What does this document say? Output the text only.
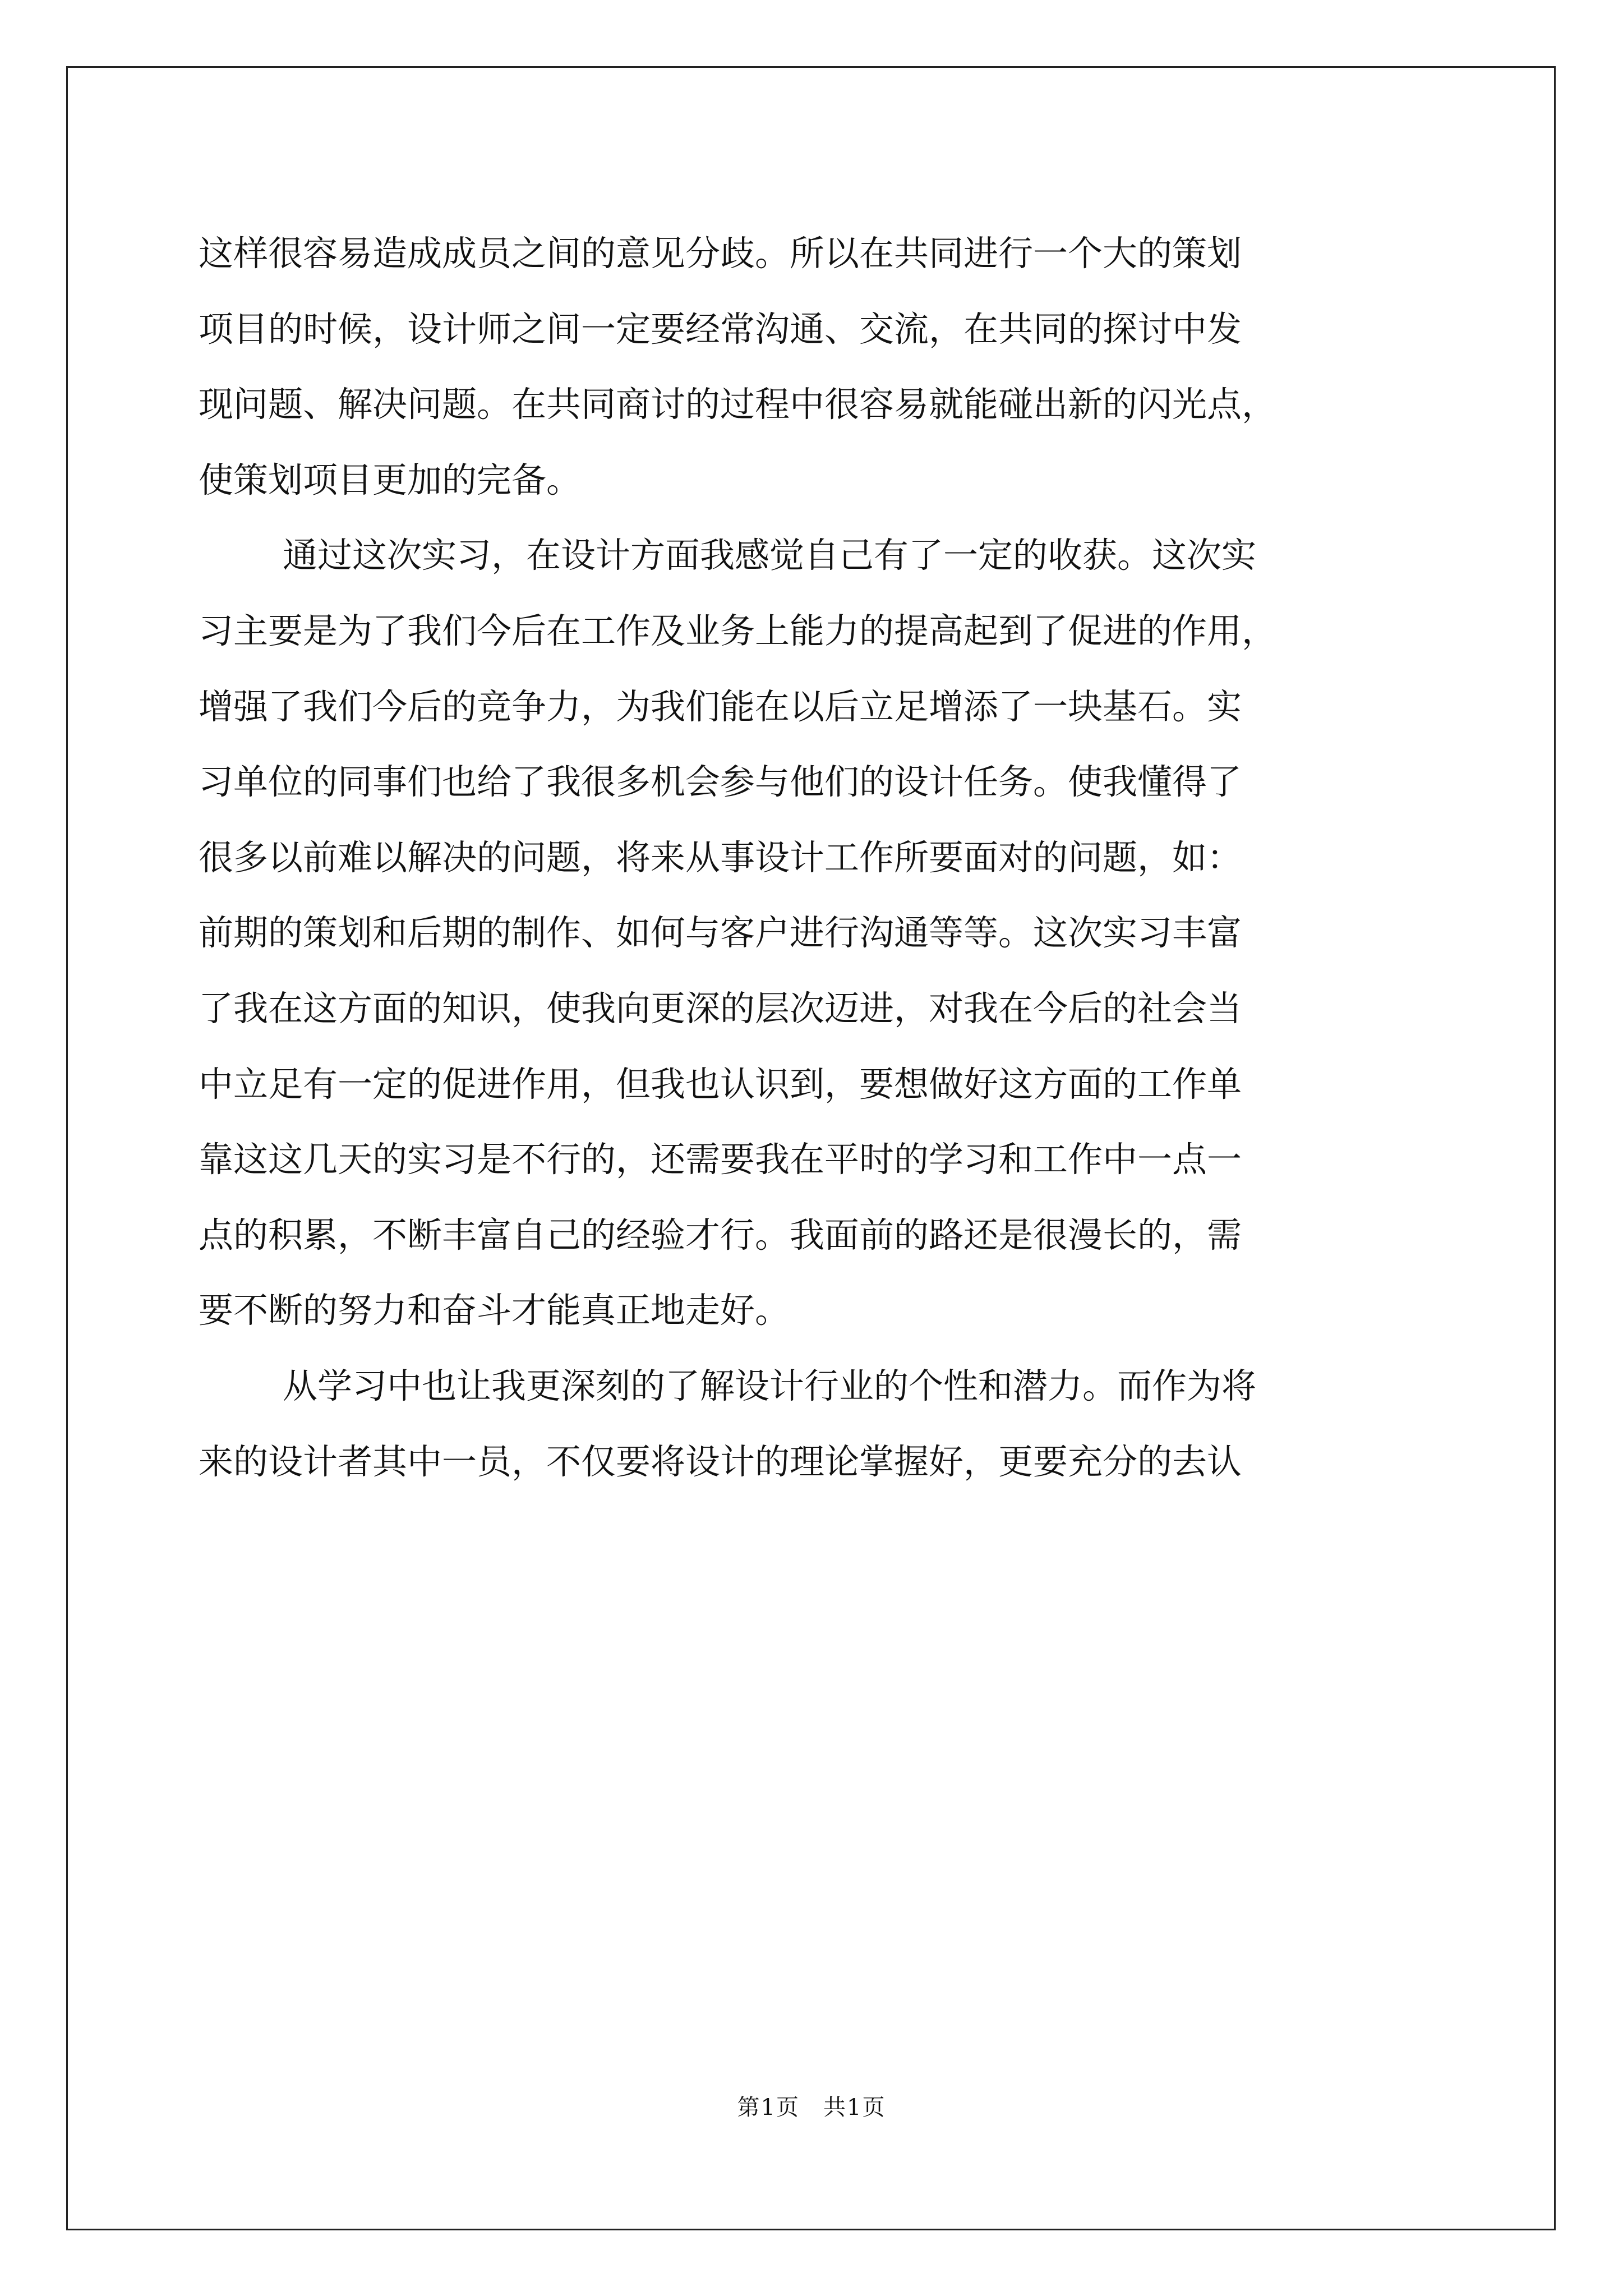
这样很容易造成成员之间的意见分歧。所以在共同进行一个大的策划
项目的时候，设计师之间一定要经常沟通、交流，在共同的探讨中发
现问题、解决问题。在共同商讨的过程中很容易就能碰出新的闪光点，
使策划项目更加的完备。

通过这次实习，在设计方面我感觉自己有了一定的收获。这次实
习主要是为了我们今后在工作及业务上能力的提高起到了促进的作用，
增强了我们今后的竞争力，为我们能在以后立足增添了一块基石。实
习单位的同事们也给了我很多机会参与他们的设计任务。使我懂得了
很多以前难以解决的问题，将来从事设计工作所要面对的问题，如：
前期的策划和后期的制作、如何与客户进行沟通等等。这次实习丰富
了我在这方面的知识，使我向更深的层次迈进，对我在今后的社会当
中立足有一定的促进作用，但我也认识到，要想做好这方面的工作单
靠这这几天的实习是不行的，还需要我在平时的学习和工作中一点一
点的积累，不断丰富自己的经验才行。我面前的路还是很漫长的，需
要不断的努力和奋斗才能真正地走好。

从学习中也让我更深刻的了解设计行业的个性和潜力。而作为将
来的设计者其中一员，不仅要将设计的理论掌握好，更要充分的去认

第1页　共1页
